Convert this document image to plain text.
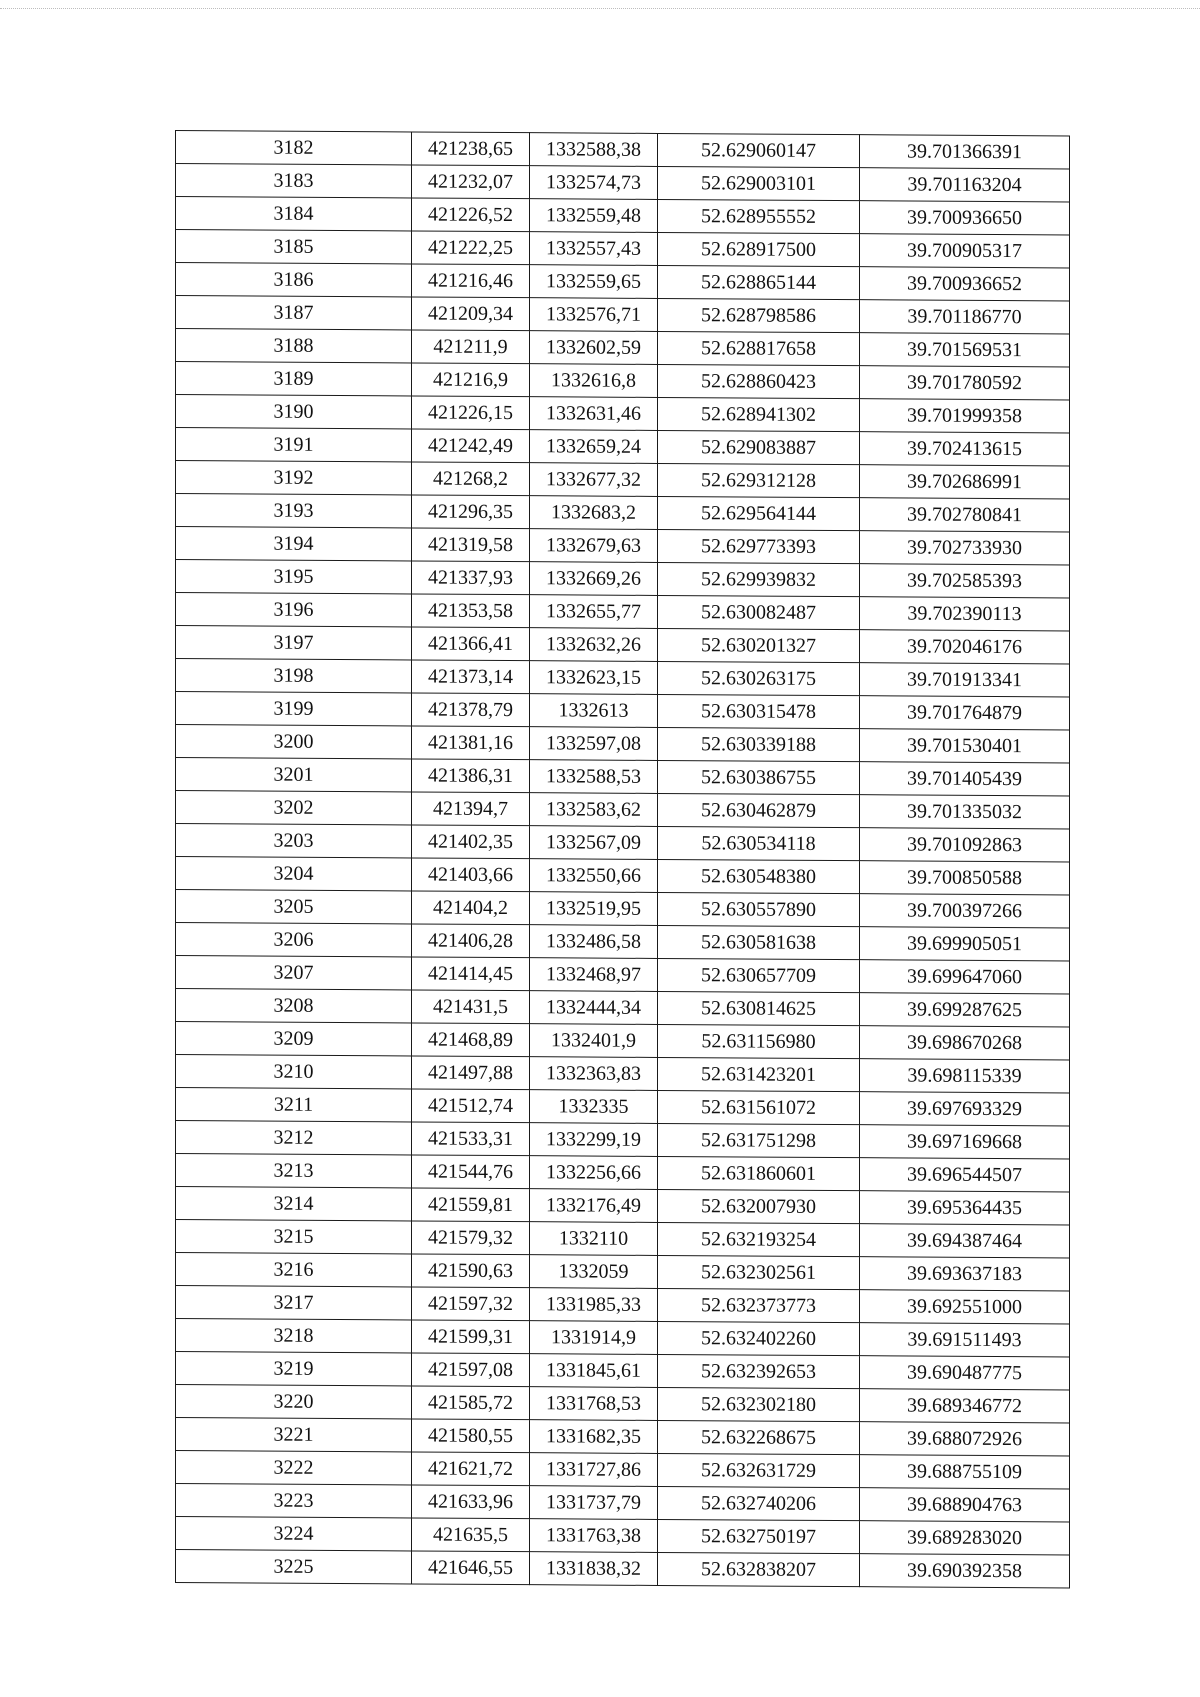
3182	421238,65	1332588,38	52.629060147	39.701366391
3183	421232,07	1332574,73	52.629003101	39.701163204
3184	421226,52	1332559,48	52.628955552	39.700936650
3185	421222,25	1332557,43	52.628917500	39.700905317
3186	421216,46	1332559,65	52.628865144	39.700936652
3187	421209,34	1332576,71	52.628798586	39.701186770
3188	421211,9	1332602,59	52.628817658	39.701569531
3189	421216,9	1332616,8	52.628860423	39.701780592
3190	421226,15	1332631,46	52.628941302	39.701999358
3191	421242,49	1332659,24	52.629083887	39.702413615
3192	421268,2	1332677,32	52.629312128	39.702686991
3193	421296,35	1332683,2	52.629564144	39.702780841
3194	421319,58	1332679,63	52.629773393	39.702733930
3195	421337,93	1332669,26	52.629939832	39.702585393
3196	421353,58	1332655,77	52.630082487	39.702390113
3197	421366,41	1332632,26	52.630201327	39.702046176
3198	421373,14	1332623,15	52.630263175	39.701913341
3199	421378,79	1332613	52.630315478	39.701764879
3200	421381,16	1332597,08	52.630339188	39.701530401
3201	421386,31	1332588,53	52.630386755	39.701405439
3202	421394,7	1332583,62	52.630462879	39.701335032
3203	421402,35	1332567,09	52.630534118	39.701092863
3204	421403,66	1332550,66	52.630548380	39.700850588
3205	421404,2	1332519,95	52.630557890	39.700397266
3206	421406,28	1332486,58	52.630581638	39.699905051
3207	421414,45	1332468,97	52.630657709	39.699647060
3208	421431,5	1332444,34	52.630814625	39.699287625
3209	421468,89	1332401,9	52.631156980	39.698670268
3210	421497,88	1332363,83	52.631423201	39.698115339
3211	421512,74	1332335	52.631561072	39.697693329
3212	421533,31	1332299,19	52.631751298	39.697169668
3213	421544,76	1332256,66	52.631860601	39.696544507
3214	421559,81	1332176,49	52.632007930	39.695364435
3215	421579,32	1332110	52.632193254	39.694387464
3216	421590,63	1332059	52.632302561	39.693637183
3217	421597,32	1331985,33	52.632373773	39.692551000
3218	421599,31	1331914,9	52.632402260	39.691511493
3219	421597,08	1331845,61	52.632392653	39.690487775
3220	421585,72	1331768,53	52.632302180	39.689346772
3221	421580,55	1331682,35	52.632268675	39.688072926
3222	421621,72	1331727,86	52.632631729	39.688755109
3223	421633,96	1331737,79	52.632740206	39.688904763
3224	421635,5	1331763,38	52.632750197	39.689283020
3225	421646,55	1331838,32	52.632838207	39.690392358
